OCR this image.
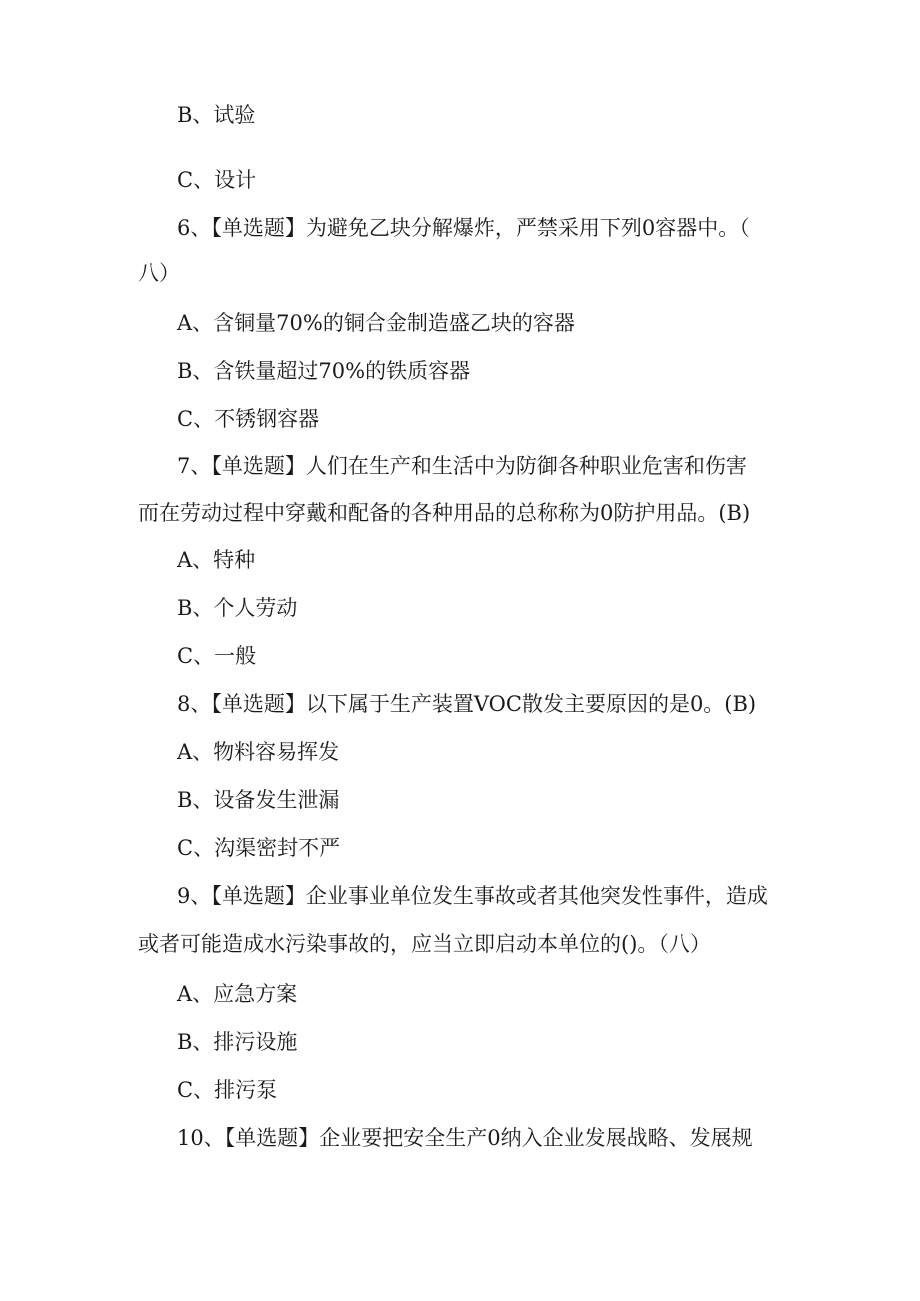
B、试验
C、设计
6、【单选题】为避免乙块分解爆炸，严禁采用下列0容器中。（
八）
A、含铜量70%的铜合金制造盛乙块的容器
B、含铁量超过70%的铁质容器
C、不锈钢容器
7、【单选题】人们在生产和生活中为防御各种职业危害和伤害
而在劳动过程中穿戴和配备的各种用品的总称称为0防护用品。(B)
A、特种
B、个人劳动
C、一般
8、【单选题】以下属于生产装置VOC散发主要原因的是0。(B)
A、物料容易挥发
B、设备发生泄漏
C、沟渠密封不严
9、【单选题】企业事业单位发生事故或者其他突发性事件，造成
或者可能造成水污染事故的，应当立即启动本单位的()。（八）
A、应急方案
B、排污设施
C、排污泵
10、【单选题】企业要把安全生产0纳入企业发展战略、发展规
